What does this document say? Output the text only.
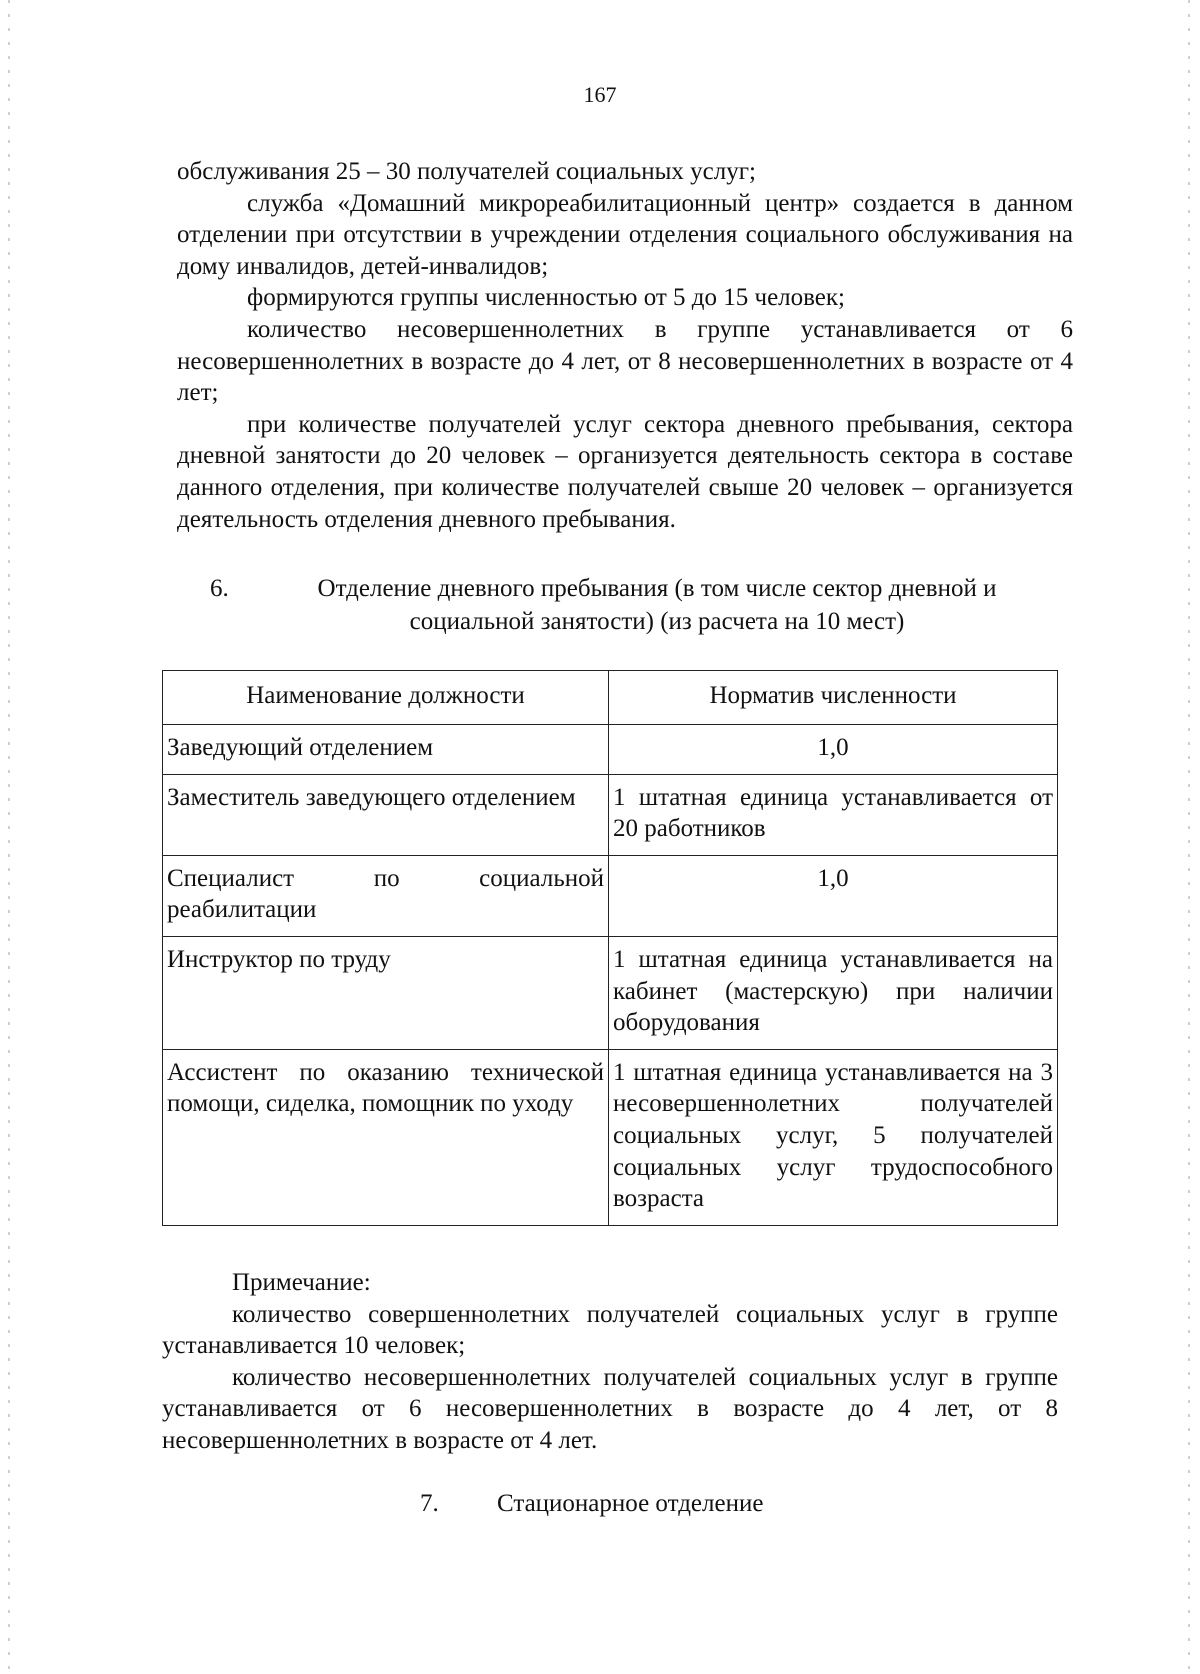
167

обслуживания 25 – 30 получателей социальных услуг;

служба «Домашний микрореабилитационный центр» создается в данном отделении при отсутствии в учреждении отделения социального обслуживания на дому инвалидов, детей-инвалидов;

формируются группы численностью от 5 до 15 человек;

количество несовершеннолетних в группе устанавливается от 6 несовершеннолетних в возрасте до 4 лет, от 8 несовершеннолетних в возрасте от 4 лет;

при количестве получателей услуг сектора дневного пребывания, сектора дневной занятости до 20 человек – организуется деятельность сектора в составе данного отделения, при количестве получателей свыше 20 человек – организуется деятельность отделения дневного пребывания.

6.	Отделение дневного пребывания (в том числе сектор дневной и социальной занятости) (из расчета на 10 мест)
Наименование должности	Норматив численности
Заведующий отделением	1,0
Заместитель заведующего отделением	1 штатная единица устанавливается от 20 работников
Специалист по социальной реабилитации	1,0
Инструктор по труду	1 штатная единица устанавливается на кабинет (мастерскую) при наличии оборудования
Ассистент по оказанию технической помощи, сиделка, помощник по уходу	1 штатная единица устанавливается на 3 несовершеннолетних получателей социальных услуг, 5 получателей социальных услуг трудоспособного возраста

Примечание:

количество совершеннолетних получателей социальных услуг в группе устанавливается 10 человек;

количество несовершеннолетних получателей социальных услуг в группе устанавливается от 6 несовершеннолетних в возрасте до 4 лет, от 8 несовершеннолетних в возрасте от 4 лет.

7. Стационарное отделение
